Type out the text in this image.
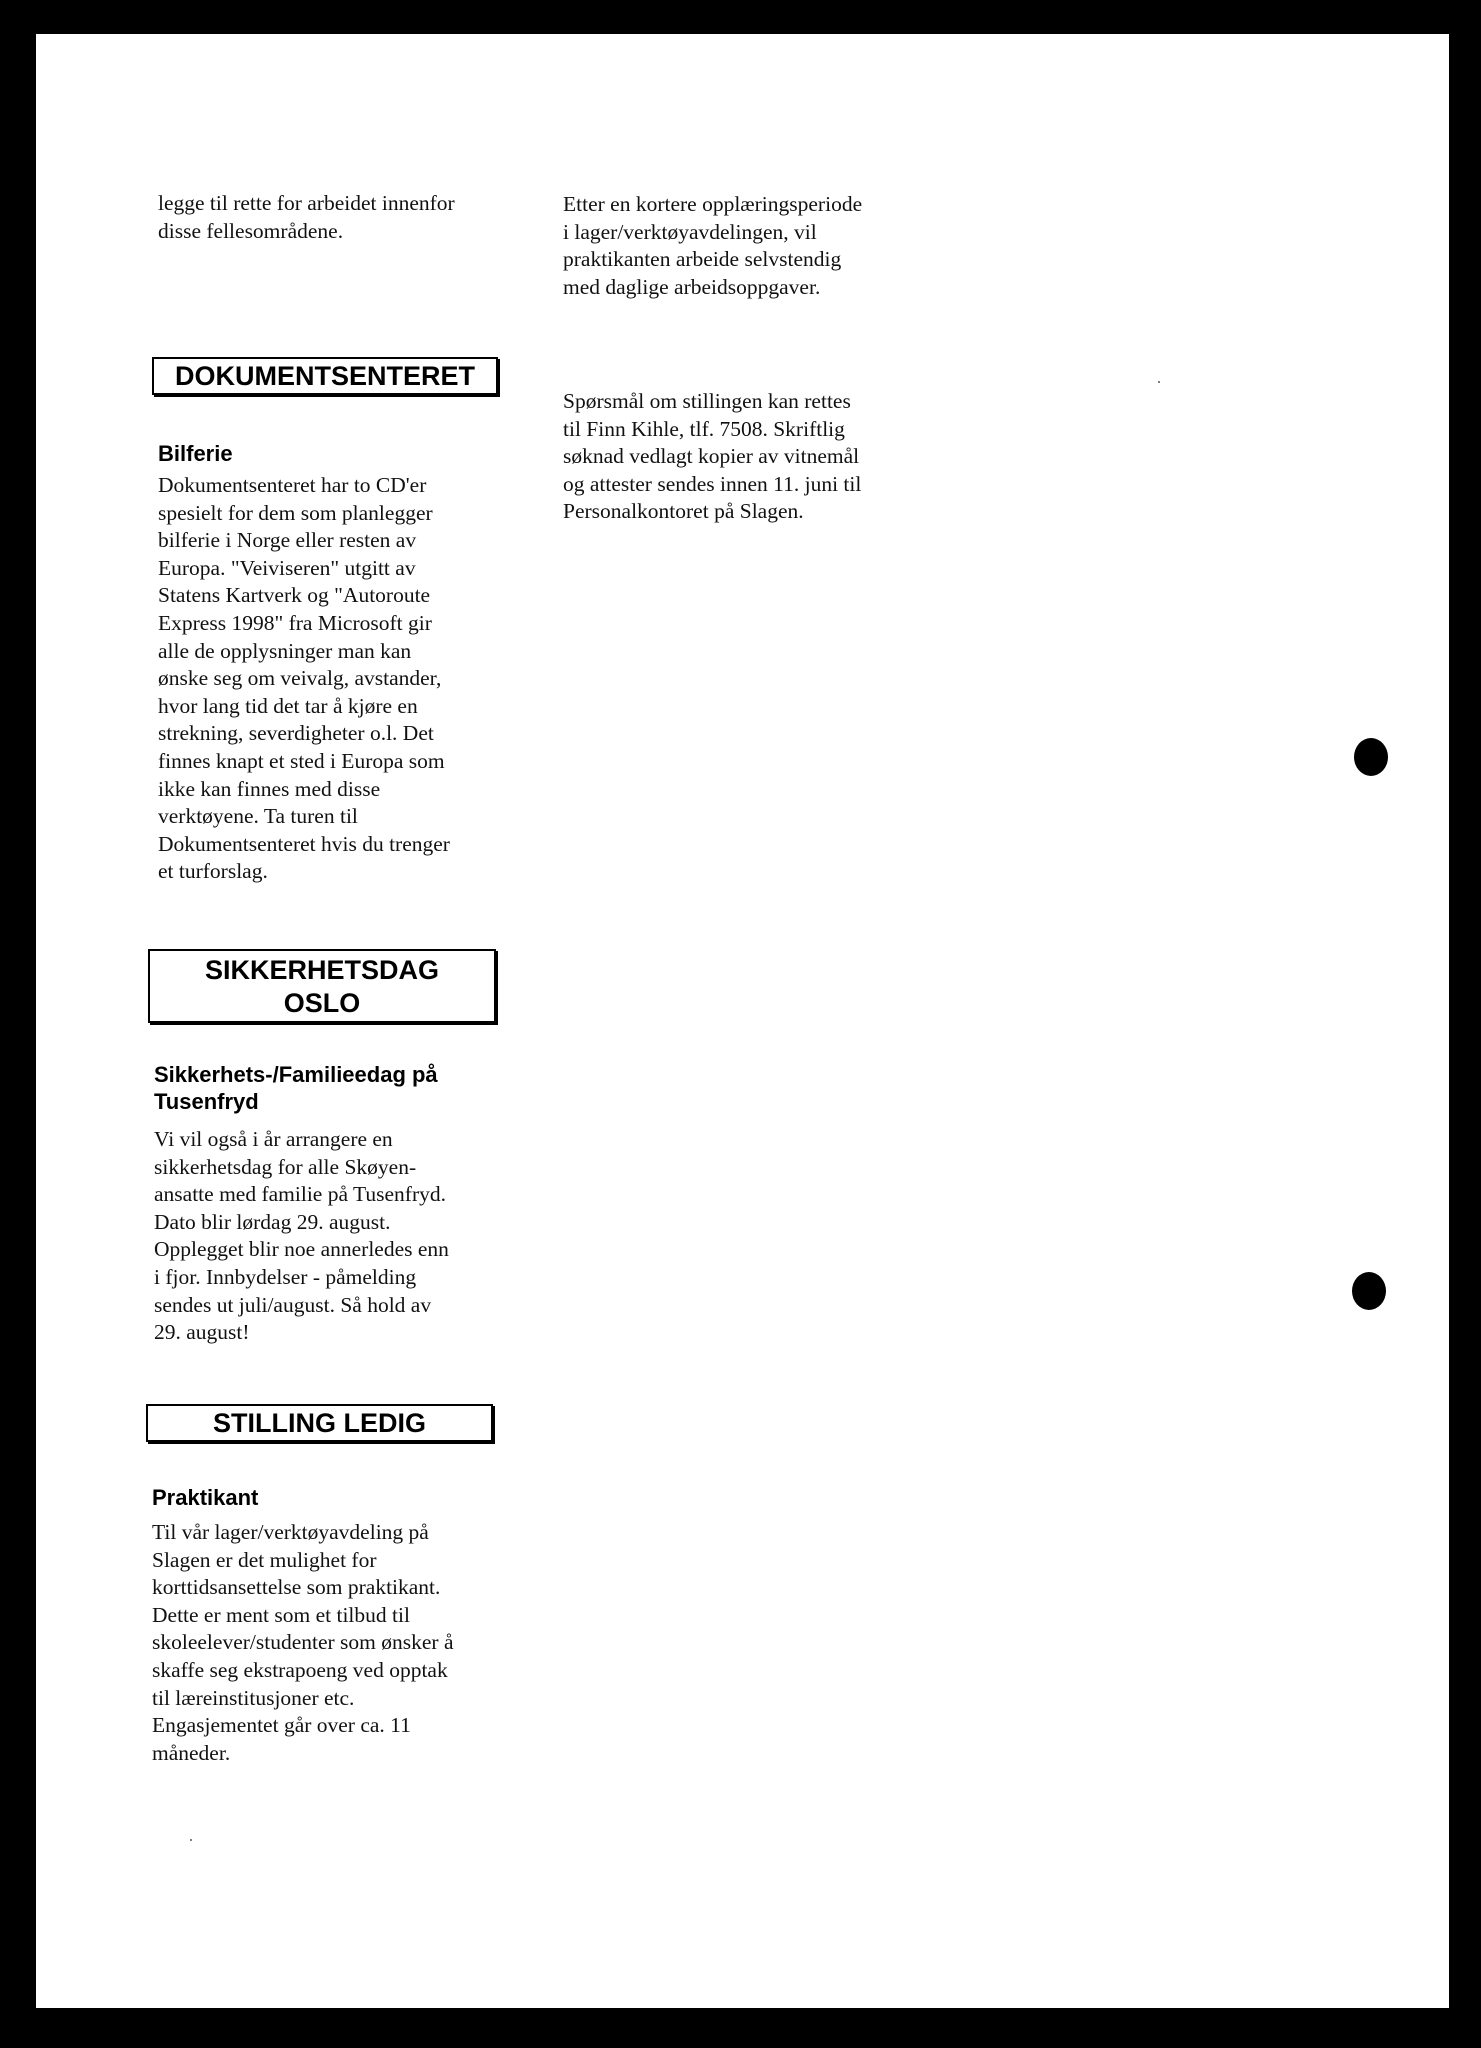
legge til rette for arbeidet innenfor
disse fellesområdene.

DOKUMENTSENTERET

Bilferie

Dokumentsenteret har to CD'er
spesielt for dem som planlegger
bilferie i Norge eller resten av
Europa. "Veiviseren" utgitt av
Statens Kartverk og "Autoroute
Express 1998" fra Microsoft gir
alle de opplysninger man kan
ønske seg om veivalg, avstander,
hvor lang tid det tar å kjøre en
strekning, severdigheter o.l. Det
finnes knapt et sted i Europa som
ikke kan finnes med disse
verktøyene. Ta turen til
Dokumentsenteret hvis du trenger
et turforslag.

SIKKERHETSDAG
OSLO

Sikkerhets-/Familieedag på
Tusenfryd

Vi vil også i år arrangere en
sikkerhetsdag for alle Skøyen-
ansatte med familie på Tusenfryd.
Dato blir lørdag 29. august.
Opplegget blir noe annerledes enn
i fjor. Innbydelser - påmelding
sendes ut juli/august. Så hold av
29. august!

STILLING LEDIG

Praktikant

Til vår lager/verktøyavdeling på
Slagen er det mulighet for
korttidsansettelse som praktikant.
Dette er ment som et tilbud til
skoleelever/studenter som ønsker å
skaffe seg ekstrapoeng ved opptak
til læreinstitusjoner etc.
Engasjementet går over ca. 11
måneder.

Etter en kortere opplæringsperiode
i lager/verktøyavdelingen, vil
praktikanten arbeide selvstendig
med daglige arbeidsoppgaver.

Spørsmål om stillingen kan rettes
til Finn Kihle, tlf. 7508. Skriftlig
søknad vedlagt kopier av vitnemål
og attester sendes innen 11. juni til
Personalkontoret på Slagen.
